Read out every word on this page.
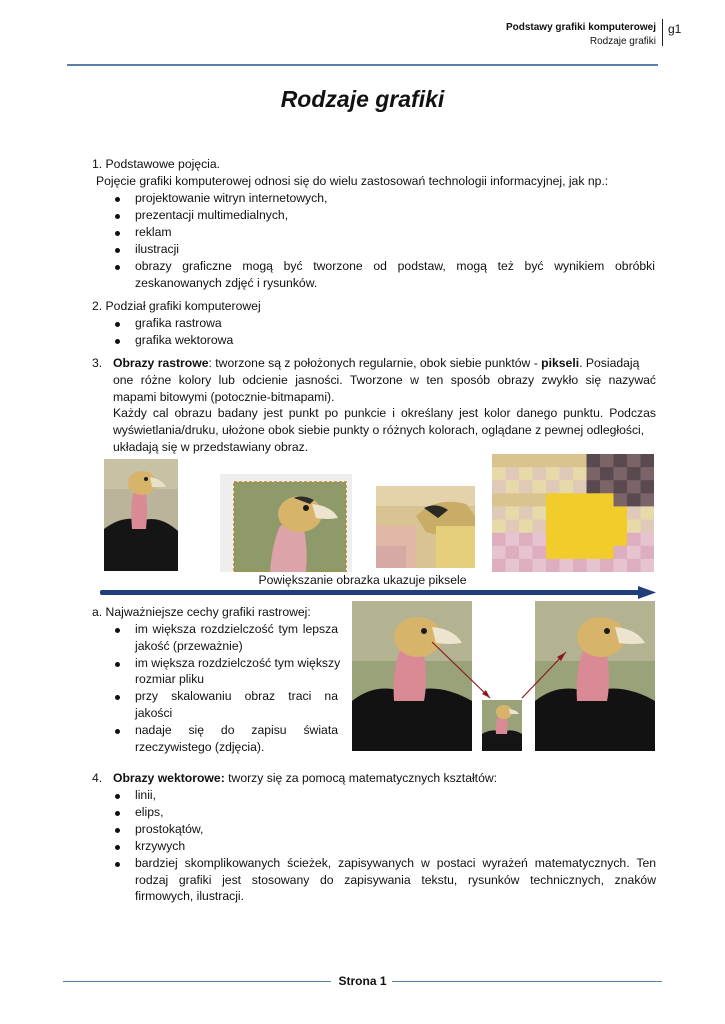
Podstawy grafiki komputerowej
Rodzaje grafiki
g1
Rodzaje grafiki
1. Podstawowe pojęcia.
Pojęcie grafiki komputerowej odnosi się do wielu zastosowań technologii informacyjnej, jak np.:
projektowanie witryn internetowych,
prezentacji multimedialnych,
reklam
ilustracji
obrazy graficzne mogą być tworzone od podstaw, mogą też być wynikiem obróbki
zeskanowanych zdjęć i rysunków.
2. Podział grafiki komputerowej
grafika rastrowa
grafika wektorowa
3. Obrazy rastrowe: tworzone są z położonych regularnie, obok siebie punktów - pikseli. Posiadają
one różne kolory lub odcienie jasności. Tworzone w ten sposób obrazy zwykło się nazywać
mapami bitowymi (potocznie-bitmapami).
Każdy cal obrazu badany jest punkt po punkcie i określany jest kolor danego punktu. Podczas
wyświetlania/druku, ułożone obok siebie punkty o różnych kolorach, oglądane z pewnej odległości,
układają się w przedstawiany obraz.
Powiększanie obrazka ukazuje piksele
a. Najważniejsze cechy grafiki rastrowej:
im większa rozdzielczość tym lepsza
jakość (przeważnie)
im większa rozdzielczość tym większy
rozmiar pliku
przy skalowaniu obraz traci na
jakości
nadaje się do zapisu świata
rzeczywistego (zdjęcia).
4. Obrazy wektorowe: tworzy się za pomocą matematycznych kształtów:
linii,
elips,
prostokątów,
krzywych
bardziej skomplikowanych ścieżek, zapisywanych w postaci wyrażeń matematycznych. Ten
rodzaj grafiki jest stosowany do zapisywania tekstu, rysunków technicznych, znaków
firmowych, ilustracji.
Strona 1
